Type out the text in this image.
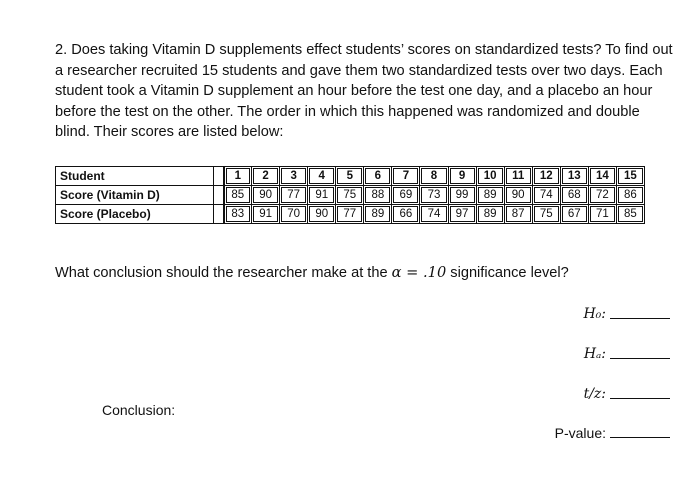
2. Does taking Vitamin D supplements effect students’ scores on standardized tests? To find out a researcher recruited 15 students and gave them two standardized tests over two days. Each student took a Vitamin D supplement an hour before the test one day, and a placebo an hour before the test on the other. The order in which this happened was randomized and double blind. Their scores are listed below:

Student		1	2	3	4	5	6	7	8	9	10	11	12	13	14	15
Score (Vitamin D)		85	90	77	91	75	88	69	73	99	89	90	74	68	72	86
Score (Placebo)		83	91	70	90	77	89	66	74	97	89	87	75	67	71	85

What conclusion should the researcher make at the α = .10 significance level?

H₀:
Hₐ:
t/z:
P-value:

Conclusion:
